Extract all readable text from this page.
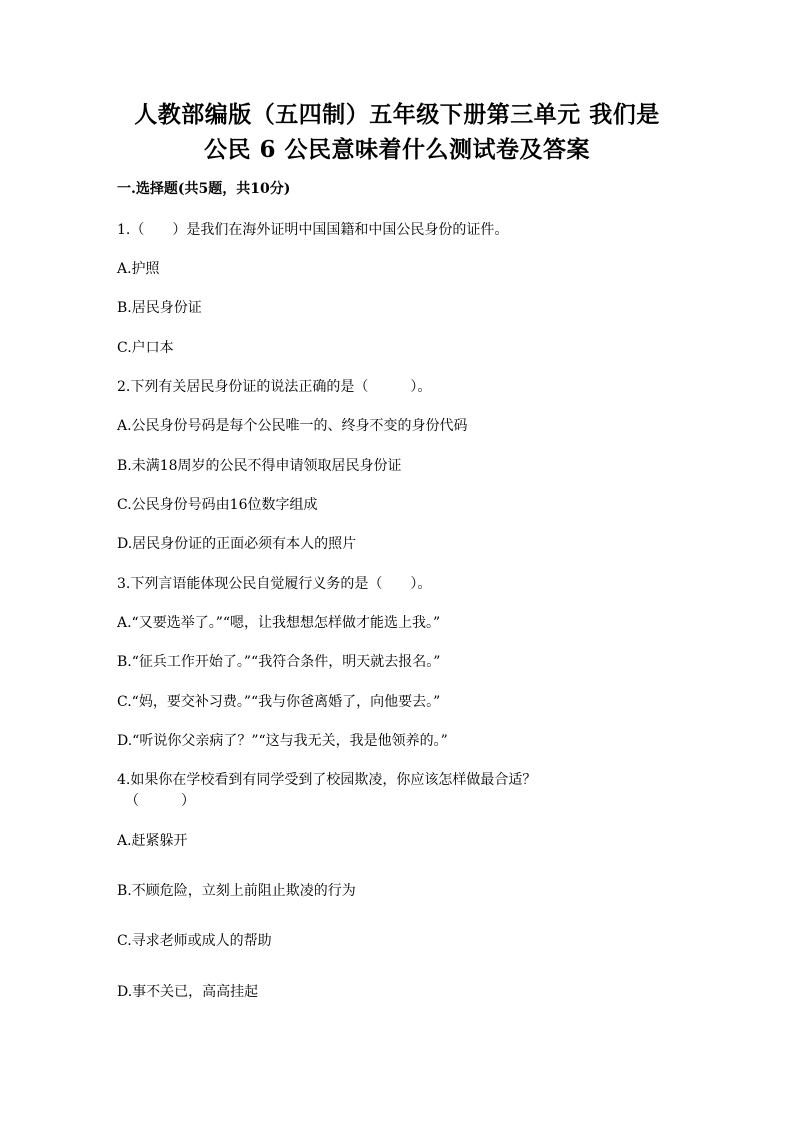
人教部编版（五四制）五年级下册第三单元 我们是
公民 6 公民意味着什么测试卷及答案
一.选择题(共5题，共10分)
1.（　　）是我们在海外证明中国国籍和中国公民身份的证件。
A.护照
B.居民身份证
C.户口本
2.下列有关居民身份证的说法正确的是（　　　）。
A.公民身份号码是每个公民唯一的、终身不变的身份代码
B.未满18周岁的公民不得申请领取居民身份证
C.公民身份号码由16位数字组成
D.居民身份证的正面必须有本人的照片
3.下列言语能体现公民自觉履行义务的是（　　）。
A.“又要选举了。”“嗯，让我想想怎样做才能选上我。”
B.“征兵工作开始了。”“我符合条件，明天就去报名。”
C.“妈，要交补习费。”“我与你爸离婚了，向他要去。”
D.“听说你父亲病了？”“这与我无关，我是他领养的。”
4.如果你在学校看到有同学受到了校园欺凌，你应该怎样做最合适？
（　　　）
A.赶紧躲开
B.不顾危险，立刻上前阻止欺凌的行为
C.寻求老师或成人的帮助
D.事不关已，高高挂起
